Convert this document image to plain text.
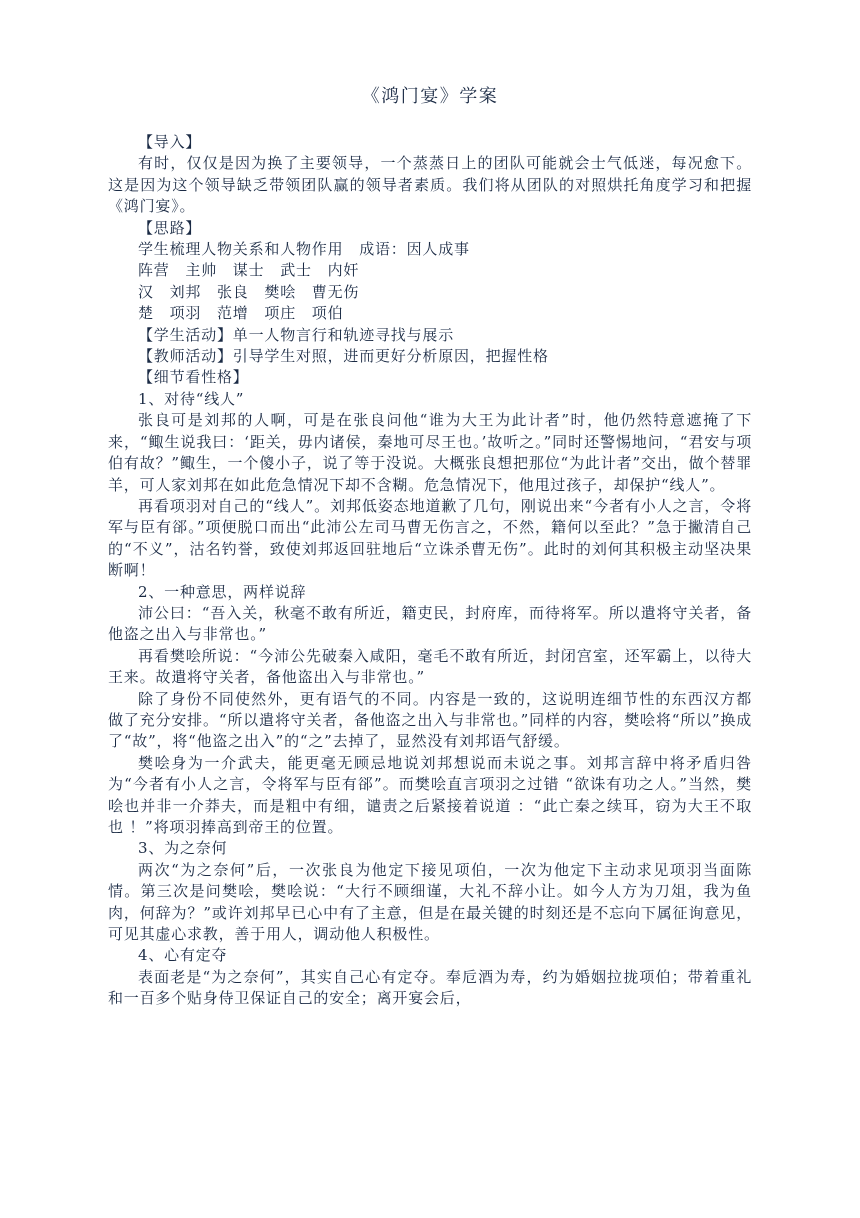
《鸿门宴》学案

【导入】

有时，仅仅是因为换了主要领导，一个蒸蒸日上的团队可能就会士气低迷，每况愈下。这是因为这个领导缺乏带领团队赢的领导者素质。我们将从团队的对照烘托角度学习和把握《鸿门宴》。

【思路】

学生梳理人物关系和人物作用　成语：因人成事

阵营　主帅　谋士　武士　内奸

汉　刘邦　张良　樊哙　曹无伤

楚　项羽　范增　项庄　项伯

【学生活动】单一人物言行和轨迹寻找与展示

【教师活动】引导学生对照，进而更好分析原因，把握性格

【细节看性格】

1、对待“线人”

张良可是刘邦的人啊，可是在张良问他“谁为大王为此计者”时，他仍然特意遮掩了下来，“鲰生说我曰：‘距关，毋内诸侯，秦地可尽王也。’故听之。”同时还警惕地问，“君安与项伯有故？”鲰生，一个傻小子，说了等于没说。大概张良想把那位“为此计者”交出，做个替罪羊，可人家刘邦在如此危急情况下却不含糊。危急情况下，他甩过孩子，却保护“线人”。

再看项羽对自己的“线人”。刘邦低姿态地道歉了几句，刚说出来“今者有小人之言，令将军与臣有郤。”项便脱口而出“此沛公左司马曹无伤言之，不然，籍何以至此？”急于撇清自己的“不义”，沽名钓誉，致使刘邦返回驻地后“立诛杀曹无伤”。此时的刘何其积极主动坚决果断啊！

2、一种意思，两样说辞

沛公曰：“吾入关，秋毫不敢有所近，籍吏民，封府库，而待将军。所以遣将守关者，备他盗之出入与非常也。”

再看樊哙所说：“今沛公先破秦入咸阳，毫毛不敢有所近，封闭宫室，还军霸上，以待大王来。故遣将守关者，备他盗出入与非常也。”

除了身份不同使然外，更有语气的不同。内容是一致的，这说明连细节性的东西汉方都做了充分安排。“所以遣将守关者，备他盗之出入与非常也。”同样的内容，樊哙将“所以”换成了“故”，将“他盗之出入”的“之”去掉了，显然没有刘邦语气舒缓。

樊哙身为一介武夫，能更毫无顾忌地说刘邦想说而未说之事。刘邦言辞中将矛盾归咎为“今者有小人之言，令将军与臣有郤”。而樊哙直言项羽之过错 “欲诛有功之人。”当然，樊哙也并非一介莽夫，而是粗中有细，谴责之后紧接着说道 ：“此亡秦之续耳，窃为大王不取也 ！”将项羽捧高到帝王的位置。

3、为之奈何

两次“为之奈何”后，一次张良为他定下接见项伯，一次为他定下主动求见项羽当面陈情。第三次是问樊哙，樊哙说：“大行不顾细谨，大礼不辞小让。如今人方为刀俎，我为鱼肉，何辞为？”或许刘邦早已心中有了主意，但是在最关键的时刻还是不忘向下属征询意见，可见其虚心求教，善于用人，调动他人积极性。

4、心有定夺

表面老是“为之奈何”，其实自己心有定夺。奉卮酒为寿，约为婚姻拉拢项伯；带着重礼和一百多个贴身侍卫保证自己的安全；离开宴会后，
